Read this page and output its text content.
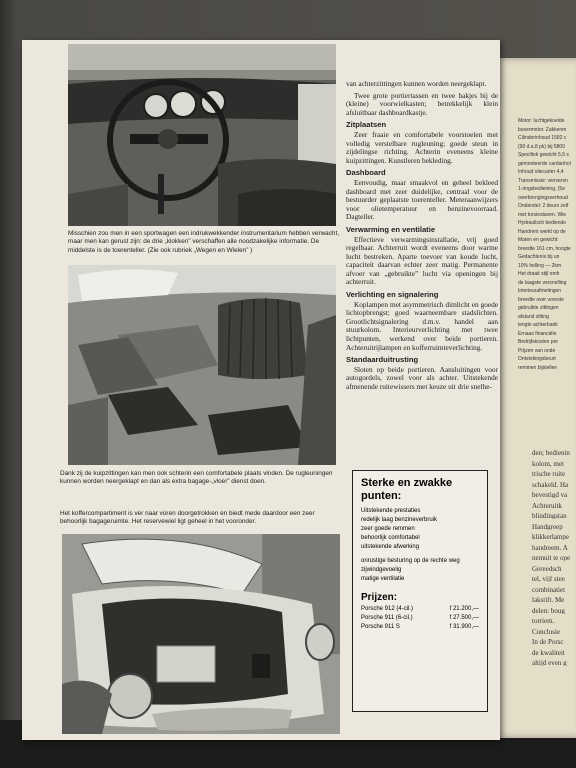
Motor: luchtgekoelde
boxermotor. Zakkenm
Cilinderinhoud 1582 c
(90 d.a.8 pk) bij 5800
Specifiek gewicht 5,5 s
gemonteerde cardanhol
Inhoud oliecarter 4,4
Transmissie: vierversn
1-ringsbediening, (5e
overbrengingsverhoud
Onderstel: 2 deurs zelf
met torsiestaven. Wie
Hydraulisch bediende
Handrem werkt op de
Maten en gewicht:
breedte 161 cm, hoogte
Gedachtenis bij un
10% helling — 2km
Het draait stijl omh
de laagste versnelling
Interieurafmetingen
breedte over voorste
gebruikte zittingen
afstand zitting
lengte achterbank
Ernaas financiële
Bedrijfskosten per
Prijzen van onde
Ontstekingsbeurt
remmen bijstellen
den; bedienin
kolom, met
trische ruite
schakeld. Ha
bevestigd va
Achteruitk
blindingstan
Handgreep
klikkerlampe
handreem. A
nemuit te ope
Gereedsch
tel, vijf stee
combinatiet
lakstift. Me
delen: boug
torriem.
Conclusie
In de Porsc
de kwaliteit
altijd even g
Misschien zou men in een sportwagen een indrukwekkender instrumentarium hebben verwacht, maar men kan gerust zijn: de drie „klokken” verschaffen alle noodzakelijke informatie. De middelste is de toerenteller. (Zie ook rubriek „Wegen en Wielen” )
Dank zij de kuipzittingen kan men ook schterin een comfortabele plaats vinden. De rugleuningen kunnen worden neergeklapt en dan als extra bagage-„vloer” dienst doen.
Het koffercompartiment is ver naar voren doorgetrokken en biedt mede daardoor een zeer behoorlijk bagageruimte. Het reservewiel ligt geheel in het vooronder.

van achterzittingen kunnen worden neergeklapt.

Twee grote portiertassen en twee bakjes bij de (kleine) voorwielkasten; betrekkelijk klein afsluitbaar dashboardkastje.

Zitplaatsen

Zeer fraaie en comfortabele voorstoelen met volledig verstelbare rugleuning; goede steun in zijdelingse richting. Achterin eveneens kleine kuipzittingen. Kunstleren bekleding.

Dashboard

Eenvoudig, maar smaakvol en geheel bekleed dashboard met zeer duidelijke, centraal voor de bestuurder geplaatste toerenteller. Meteraanwijzers voor olietemperatuur en benzinevoorraad. Dagteller.

Verwarming en ventilatie

Effectieve verwarmingsinstallatie, vrij goed regelbaar. Achterruit wordt eveneens door warme lucht bestreken. Aparte toevoer van koude lucht, capaciteit daarvan echter zeer matig. Permanente afvoer van „gebruikte” lucht via openingen bij achterruit.

Verlichting en signalering

Koplampen met asymmetrisch dimlicht en goede lichtopbrengst; goed waarneembare stadslichten. Grootlichtsignalering d.m.v. handel aan stuurkolom. Interieurverlichting met twee lichtpunten, werkend over beide portieren. Achteruitrijlampen en kofferruimteverlichting.

Standaarduitrusting

Sloten op beide portieren. Aansluitingen voor autogordels, zowel voor als achter. Uitstekende afmenende ruitewissers met keuze uit drie snelhe-

Sterke en zwakke punten:
Uitstekende prestaties
redelijk laag benzineverbruik
zeer goede remmen
behoorlijk comfortabel
uitstekende afwerking
onrustige besturing op de rechte weg
zijwindgevoelig
matige ventilatie
Prijzen:
Porsche 912 (4-cil.)	f 21.200,—
Porsche 911 (6-cil.)	f 27.500,—
Porsche 911 S	f 31.900,—
